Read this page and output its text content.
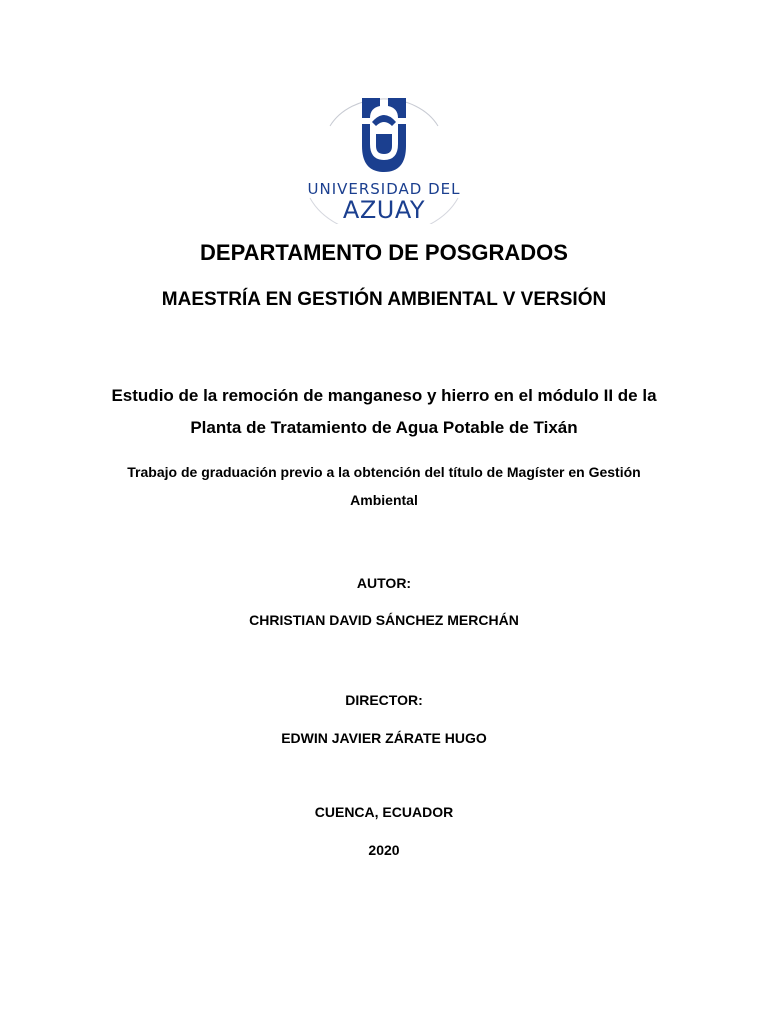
UNIVERSIDAD DEL
AZUAY
DEPARTAMENTO DE POSGRADOS
MAESTRÍA EN GESTIÓN AMBIENTAL V VERSIÓN
Estudio de la remoción de manganeso y hierro en el módulo II de la
Planta de Tratamiento de Agua Potable de Tixán
Trabajo de graduación previo a la obtención del título de Magíster en Gestión
Ambiental
AUTOR:
CHRISTIAN DAVID SÁNCHEZ MERCHÁN
DIRECTOR:
EDWIN JAVIER ZÁRATE HUGO
CUENCA, ECUADOR
2020
